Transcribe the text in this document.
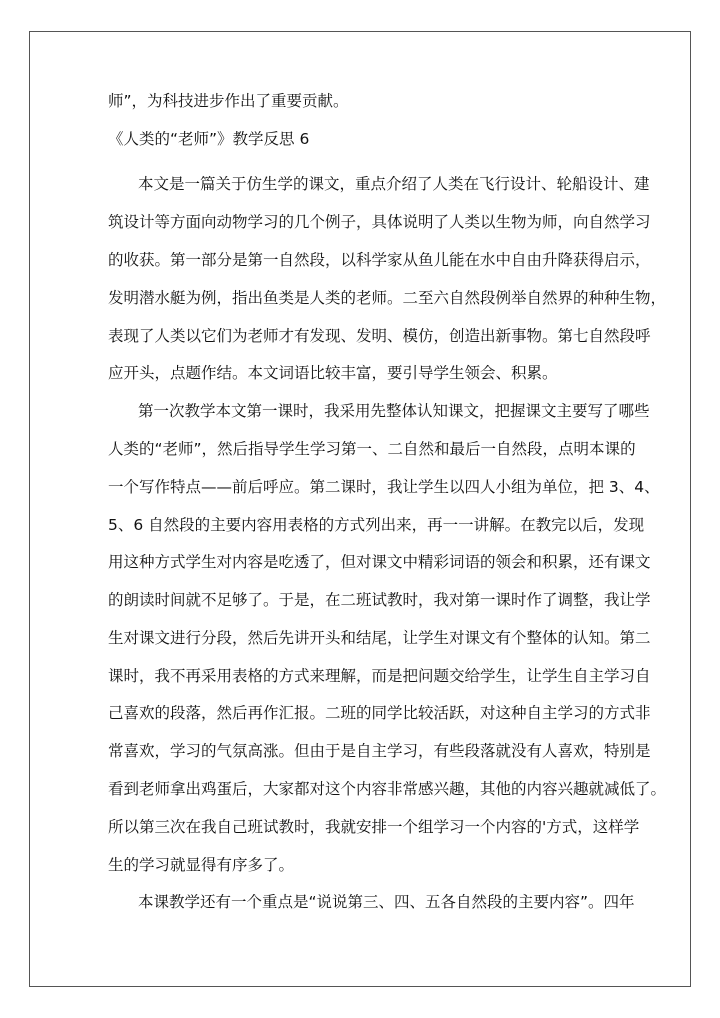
师”，为科技进步作出了重要贡献。
《人类的“老师”》教学反思 6
本文是一篇关于仿生学的课文，重点介绍了人类在飞行设计、轮船设计、建
筑设计等方面向动物学习的几个例子，具体说明了人类以生物为师，向自然学习
的收获。第一部分是第一自然段，以科学家从鱼儿能在水中自由升降获得启示，
发明潜水艇为例，指出鱼类是人类的老师。二至六自然段例举自然界的种种生物，
表现了人类以它们为老师才有发现、发明、模仿，创造出新事物。第七自然段呼
应开头，点题作结。本文词语比较丰富，要引导学生领会、积累。
第一次教学本文第一课时，我采用先整体认知课文，把握课文主要写了哪些
人类的“老师”，然后指导学生学习第一、二自然和最后一自然段，点明本课的
一个写作特点——前后呼应。第二课时，我让学生以四人小组为单位，把 3、4、
5、6 自然段的主要内容用表格的方式列出来，再一一讲解。在教完以后，发现
用这种方式学生对内容是吃透了，但对课文中精彩词语的领会和积累，还有课文
的朗读时间就不足够了。于是，在二班试教时，我对第一课时作了调整，我让学
生对课文进行分段，然后先讲开头和结尾，让学生对课文有个整体的认知。第二
课时，我不再采用表格的方式来理解，而是把问题交给学生，让学生自主学习自
己喜欢的段落，然后再作汇报。二班的同学比较活跃，对这种自主学习的方式非
常喜欢，学习的气氛高涨。但由于是自主学习，有些段落就没有人喜欢，特别是
看到老师拿出鸡蛋后，大家都对这个内容非常感兴趣，其他的内容兴趣就减低了。
所以第三次在我自己班试教时，我就安排一个组学习一个内容的'方式，这样学
生的学习就显得有序多了。
本课教学还有一个重点是“说说第三、四、五各自然段的主要内容”。四年
